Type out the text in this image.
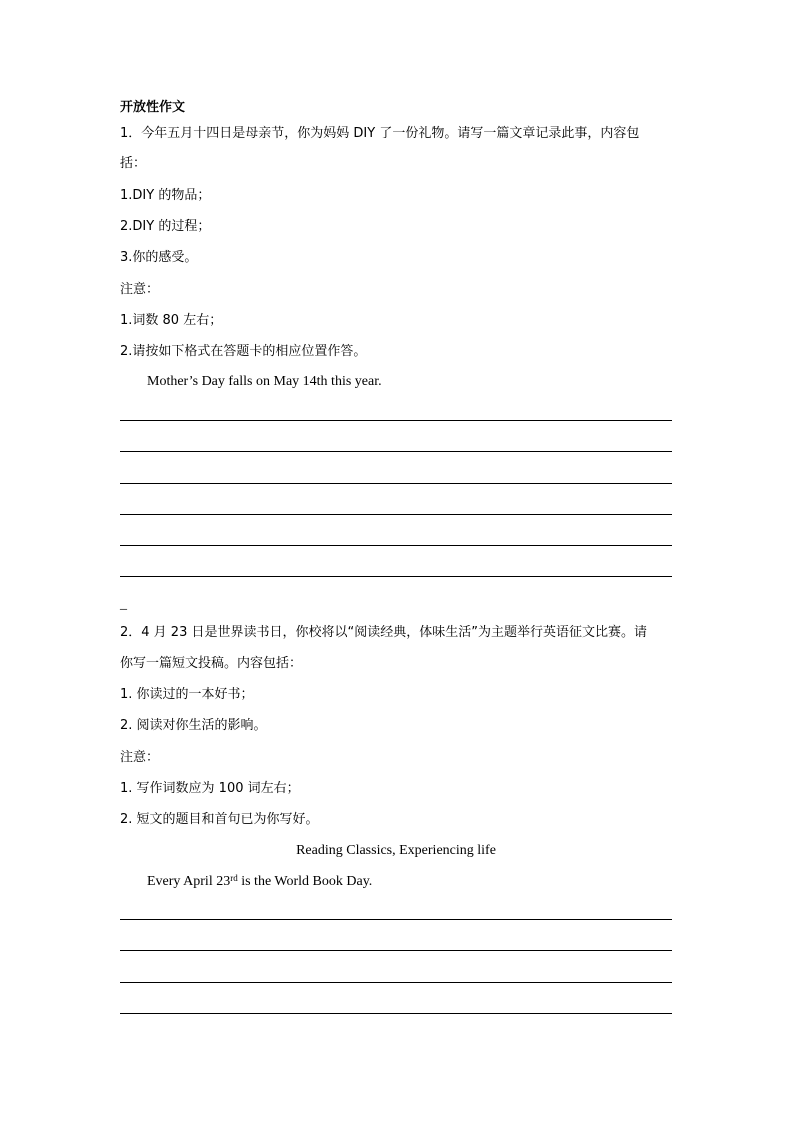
开放性作文
1．今年五月十四日是母亲节，你为妈妈 DIY 了一份礼物。请写一篇文章记录此事，内容包
括：
1.DIY 的物品；
2.DIY 的过程；
3.你的感受。
注意：
1.词数 80 左右；
2.请按如下格式在答题卡的相应位置作答。
Mother’s Day falls on May 14th this year.
_
2．4 月 23 日是世界读书日，你校将以“阅读经典，体味生活”为主题举行英语征文比赛。请
你写一篇短文投稿。内容包括：
1. 你读过的一本好书；
2. 阅读对你生活的影响。
注意：
1. 写作词数应为 100 词左右；
2. 短文的题目和首句已为你写好。
Reading Classics, Experiencing life
Every April 23rd is the World Book Day.
